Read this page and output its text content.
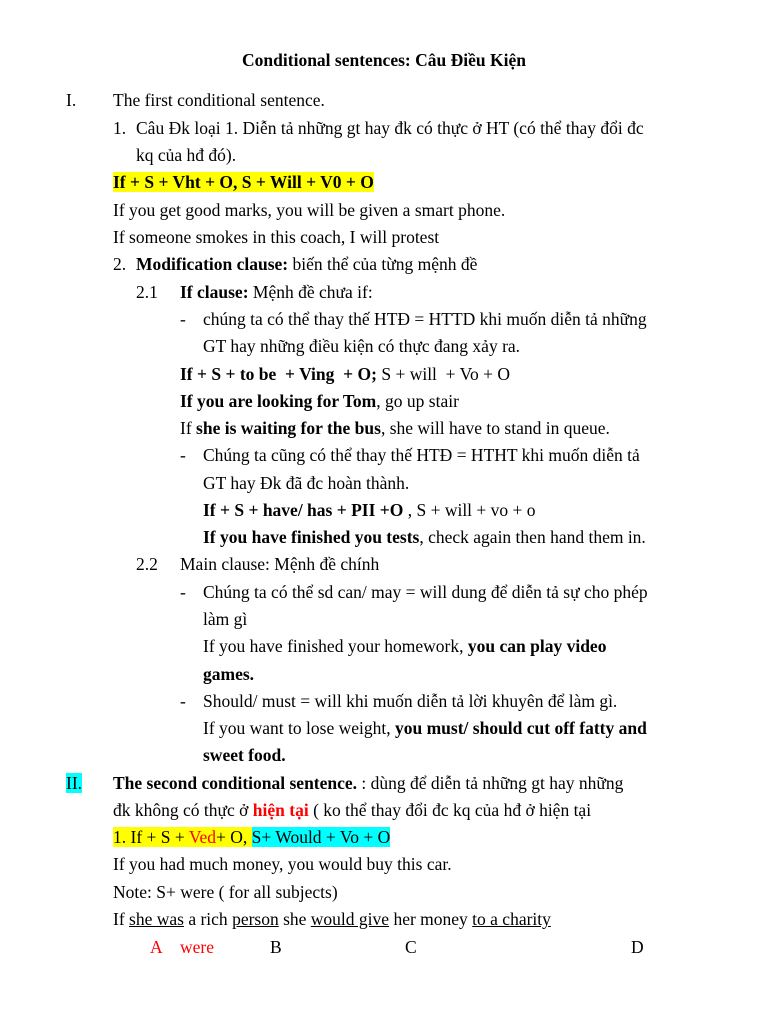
Conditional sentences: Câu Điều Kiện
I. The first conditional sentence.
1. Câu Đk loại 1. Diễn tả những gt hay đk có thực ở HT (có thể thay đổi đc
kq của hđ đó).
If + S + Vht + O, S + Will + V0 + O
If you get good marks, you will be given a smart phone.
If someone smokes in this coach, I will protest
2. Modification clause: biến thể của từng mệnh đề
2.1 If clause: Mệnh đề chưa if:
- chúng ta có thể thay thế HTĐ = HTTD khi muốn diễn tả những
GT hay những điều kiện có thực đang xảy ra.
If + S + to be  + Ving  + O; S + will  + Vo + O
If you are looking for Tom, go up stair
If she is waiting for the bus, she will have to stand in queue.
- Chúng ta cũng có thể thay thế HTĐ = HTHT khi muốn diễn tả
GT hay Đk đã đc hoàn thành.
If + S + have/ has + PII +O , S + will + vo + o
If you have finished you tests, check again then hand them in.
2.2 Main clause: Mệnh đề chính
- Chúng ta có thể sd can/ may = will dung để diễn tả sự cho phép
làm gì
If you have finished your homework, you can play video
games.
- Should/ must = will khi muốn diễn tả lời khuyên để làm gì.
If you want to lose weight, you must/ should cut off fatty and
sweet food.
II. The second conditional sentence. : dùng để diễn tả những gt hay những
đk không có thực ở hiện tại ( ko thể thay đổi đc kq của hđ ở hiện tại
1. If + S + Ved+ O, S+ Would + Vo + O
If you had much money, you would buy this car.
Note: S+ were ( for all subjects)
If she was a rich person she would give her money to a charity
A were	B	C	D
